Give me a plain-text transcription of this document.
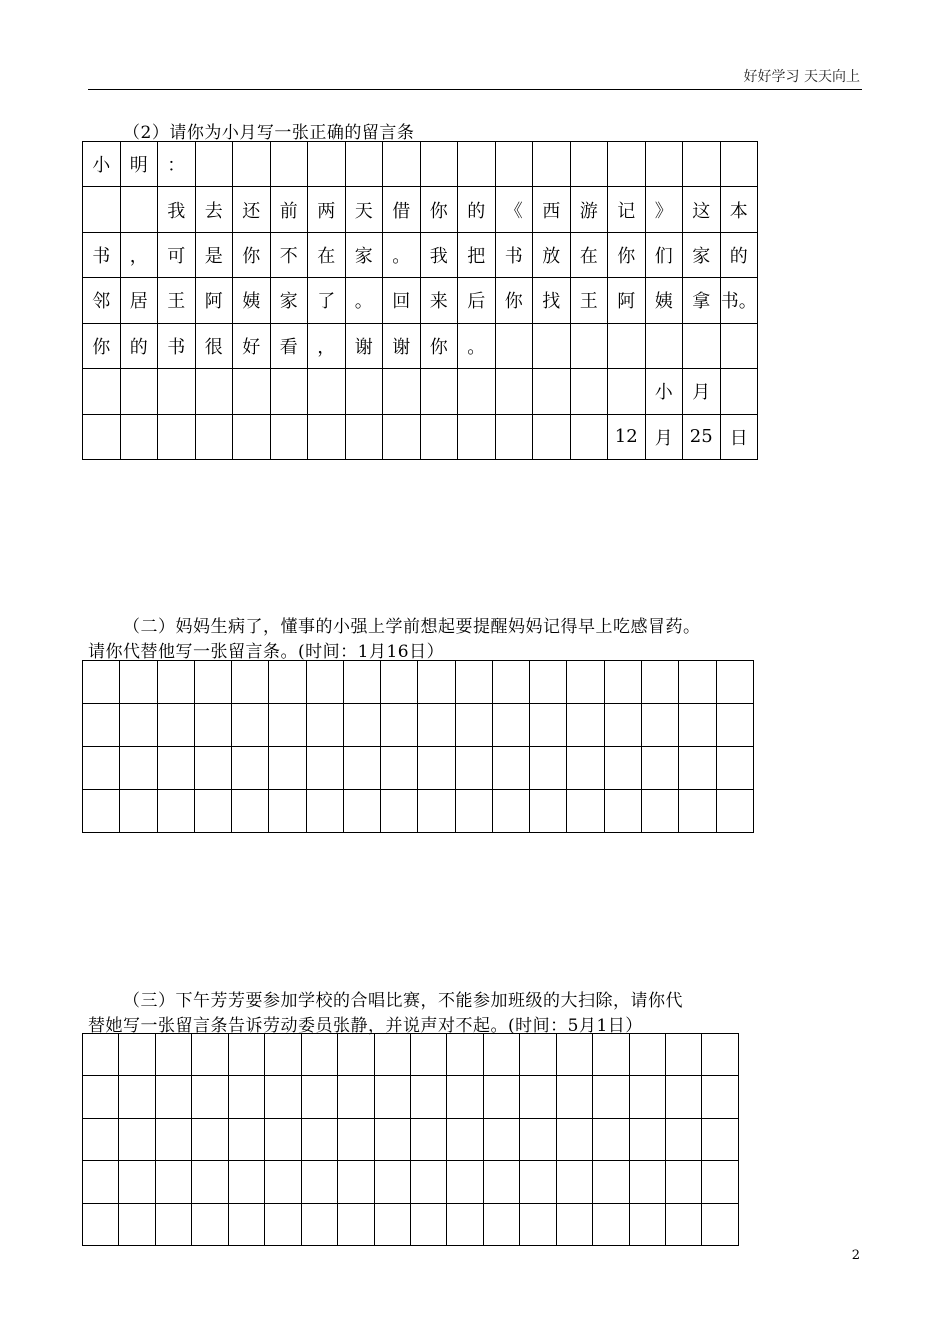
好好学习 天天向上
（2）请你为小月写一张正确的留言条
小	明	：															
		我	去	还	前	两	天	借	你	的	《	西	游	记	》	这	本
书	，	可	是	你	不	在	家	。	我	把	书	放	在	你	们	家	的
邻	居	王	阿	姨	家	了	。	回	来	后	你	找	王	阿	姨	拿	书。
你	的	书	很	好	看	，	谢	谢	你	。							
															小	月	
														12	月	25	日
（二）妈妈生病了，懂事的小强上学前想起要提醒妈妈记得早上吃感冒药。
请你代替他写一张留言条。(时间：1月16日）

（三）下午芳芳要参加学校的合唱比赛，不能参加班级的大扫除，请你代
替她写一张留言条告诉劳动委员张静，并说声对不起。(时间：5月1日）

2
